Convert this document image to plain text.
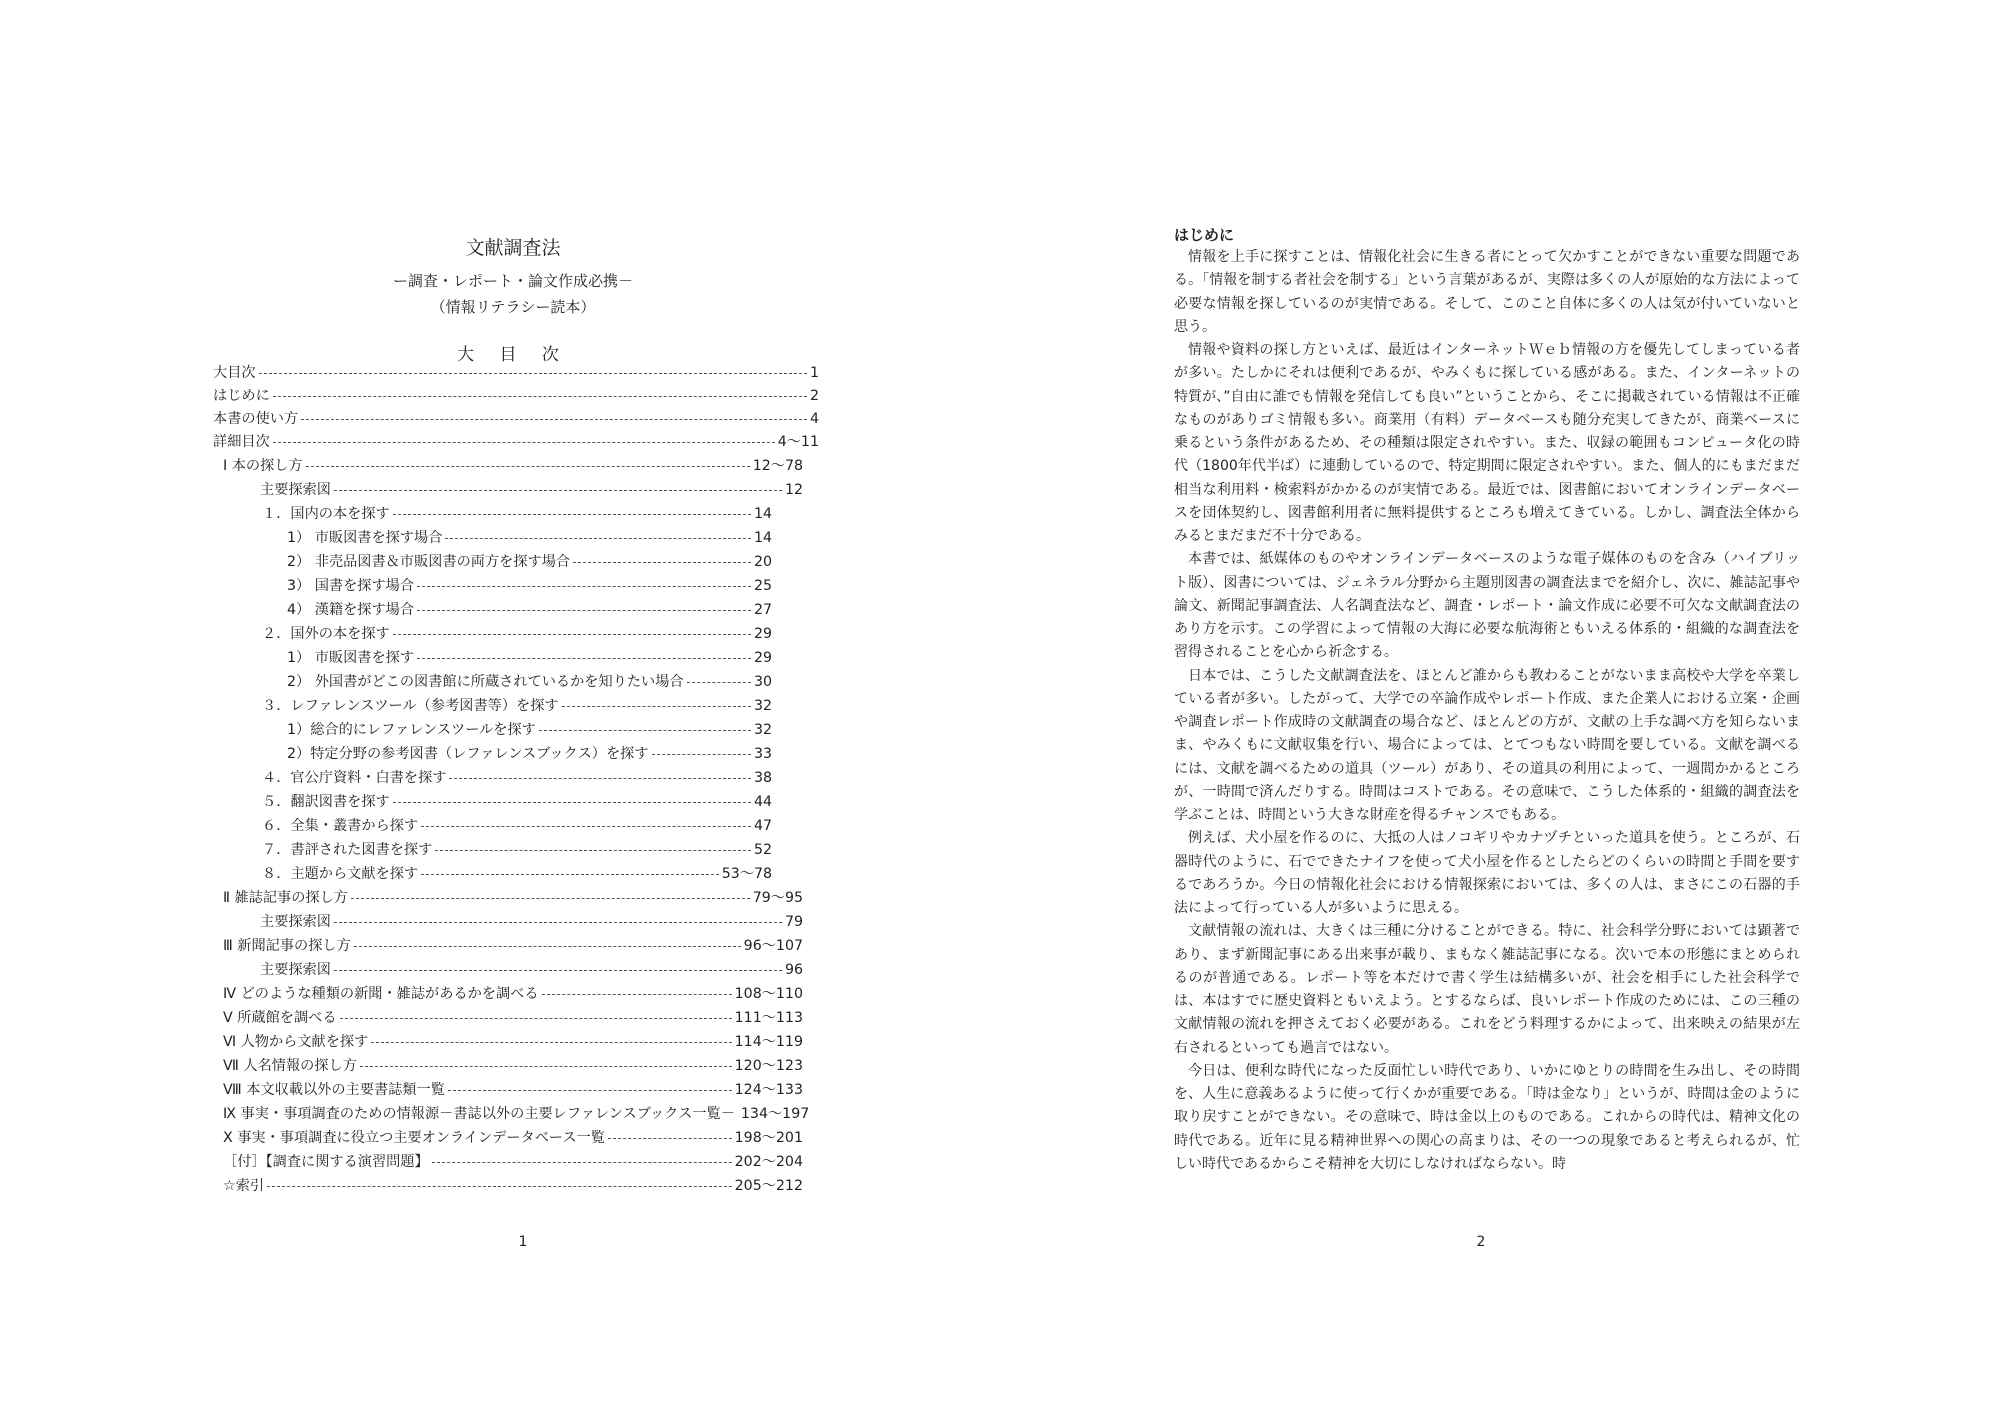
文献調査法
ー調査・レポート・論文作成必携－
（情報リテラシー読本）
大 目 次
大目次	1
はじめに	2
本書の使い方	4
詳細目次	4～11
Ⅰ 本の探し方	12～78
主要探索図	12
１．国内の本を探す	14
1） 市販図書を探す場合	14
2） 非売品図書＆市販図書の両方を探す場合	20
3） 国書を探す場合	25
4） 漢籍を探す場合	27
２．国外の本を探す	29
1） 市販図書を探す	29
2） 外国書がどこの図書館に所蔵されているかを知りたい場合	30
３．レファレンスツール（参考図書等）を探す	32
1）総合的にレファレンスツールを探す	32
2）特定分野の参考図書（レファレンスブックス）を探す	33
４．官公庁資料・白書を探す	38
５．翻訳図書を探す	44
６．全集・叢書から探す	47
７．書評された図書を探す	52
８．主題から文献を探す	53～78
Ⅱ 雑誌記事の探し方	79～95
主要探索図	79
Ⅲ 新聞記事の探し方	96～107
主要探索図	96
Ⅳ どのような種類の新聞・雑誌があるかを調べる	108～110
Ⅴ 所蔵館を調べる	111～113
Ⅵ 人物から文献を探す	114～119
Ⅶ 人名情報の探し方	120～123
Ⅷ 本文収載以外の主要書誌類一覧	124～133
Ⅸ 事実・事項調査のための情報源－書誌以外の主要レファレンスブックス一覧－ 134～197
Ⅹ 事実・事項調査に役立つ主要オンラインデータベース一覧	198～201
［付］【調査に関する演習問題】	202～204
☆索引	205～212
1
はじめに

情報を上手に探すことは、情報化社会に生きる者にとって欠かすことができない重要な問題である。「情報を制する者社会を制する」という言葉があるが、実際は多くの人が原始的な方法によって必要な情報を探しているのが実情である。そして、このこと自体に多くの人は気が付いていないと思う。

情報や資料の探し方といえば、最近はインターネットＷｅｂ情報の方を優先してしまっている者が多い。たしかにそれは便利であるが、やみくもに探している感がある。また、インターネットの特質が、”自由に誰でも情報を発信しても良い”ということから、そこに掲載されている情報は不正確なものがありゴミ情報も多い。商業用（有料）データベースも随分充実してきたが、商業ベースに乗るという条件があるため、その種類は限定されやすい。また、収録の範囲もコンピュータ化の時代（1800年代半ば）に連動しているので、特定期間に限定されやすい。また、個人的にもまだまだ相当な利用料・検索料がかかるのが実情である。最近では、図書館においてオンラインデータベースを団体契約し、図書館利用者に無料提供するところも増えてきている。しかし、調査法全体からみるとまだまだ不十分である。

本書では、紙媒体のものやオンラインデータベースのような電子媒体のものを含み（ハイブリット版）、図書については、ジェネラル分野から主題別図書の調査法までを紹介し、次に、雑誌記事や論文、新聞記事調査法、人名調査法など、調査・レポート・論文作成に必要不可欠な文献調査法のあり方を示す。この学習によって情報の大海に必要な航海術ともいえる体系的・組織的な調査法を習得されることを心から祈念する。

日本では、こうした文献調査法を、ほとんど誰からも教わることがないまま高校や大学を卒業している者が多い。したがって、大学での卒論作成やレポート作成、また企業人における立案・企画や調査レポート作成時の文献調査の場合など、ほとんどの方が、文献の上手な調べ方を知らないまま、やみくもに文献収集を行い、場合によっては、とてつもない時間を要している。文献を調べるには、文献を調べるための道具（ツール）があり、その道具の利用によって、一週間かかるところが、一時間で済んだりする。時間はコストである。その意味で、こうした体系的・組織的調査法を学ぶことは、時間という大きな財産を得るチャンスでもある。

例えば、犬小屋を作るのに、大抵の人はノコギリやカナヅチといった道具を使う。ところが、石器時代のように、石でできたナイフを使って犬小屋を作るとしたらどのくらいの時間と手間を要するであろうか。今日の情報化社会における情報探索においては、多くの人は、まさにこの石器的手法によって行っている人が多いように思える。

文献情報の流れは、大きくは三種に分けることができる。特に、社会科学分野においては顕著であり、まず新聞記事にある出来事が載り、まもなく雑誌記事になる。次いで本の形態にまとめられるのが普通である。レポート等を本だけで書く学生は結構多いが、社会を相手にした社会科学では、本はすでに歴史資料ともいえよう。とするならば、良いレポート作成のためには、この三種の文献情報の流れを押さえておく必要がある。これをどう料理するかによって、出来映えの結果が左右されるといっても過言ではない。

今日は、便利な時代になった反面忙しい時代であり、いかにゆとりの時間を生み出し、その時間を、人生に意義あるように使って行くかが重要である。「時は金なり」というが、時間は金のように取り戻すことができない。その意味で、時は金以上のものである。これからの時代は、精神文化の時代である。近年に見る精神世界への関心の高まりは、その一つの現象であると考えられるが、忙しい時代であるからこそ精神を大切にしなければならない。時

2
